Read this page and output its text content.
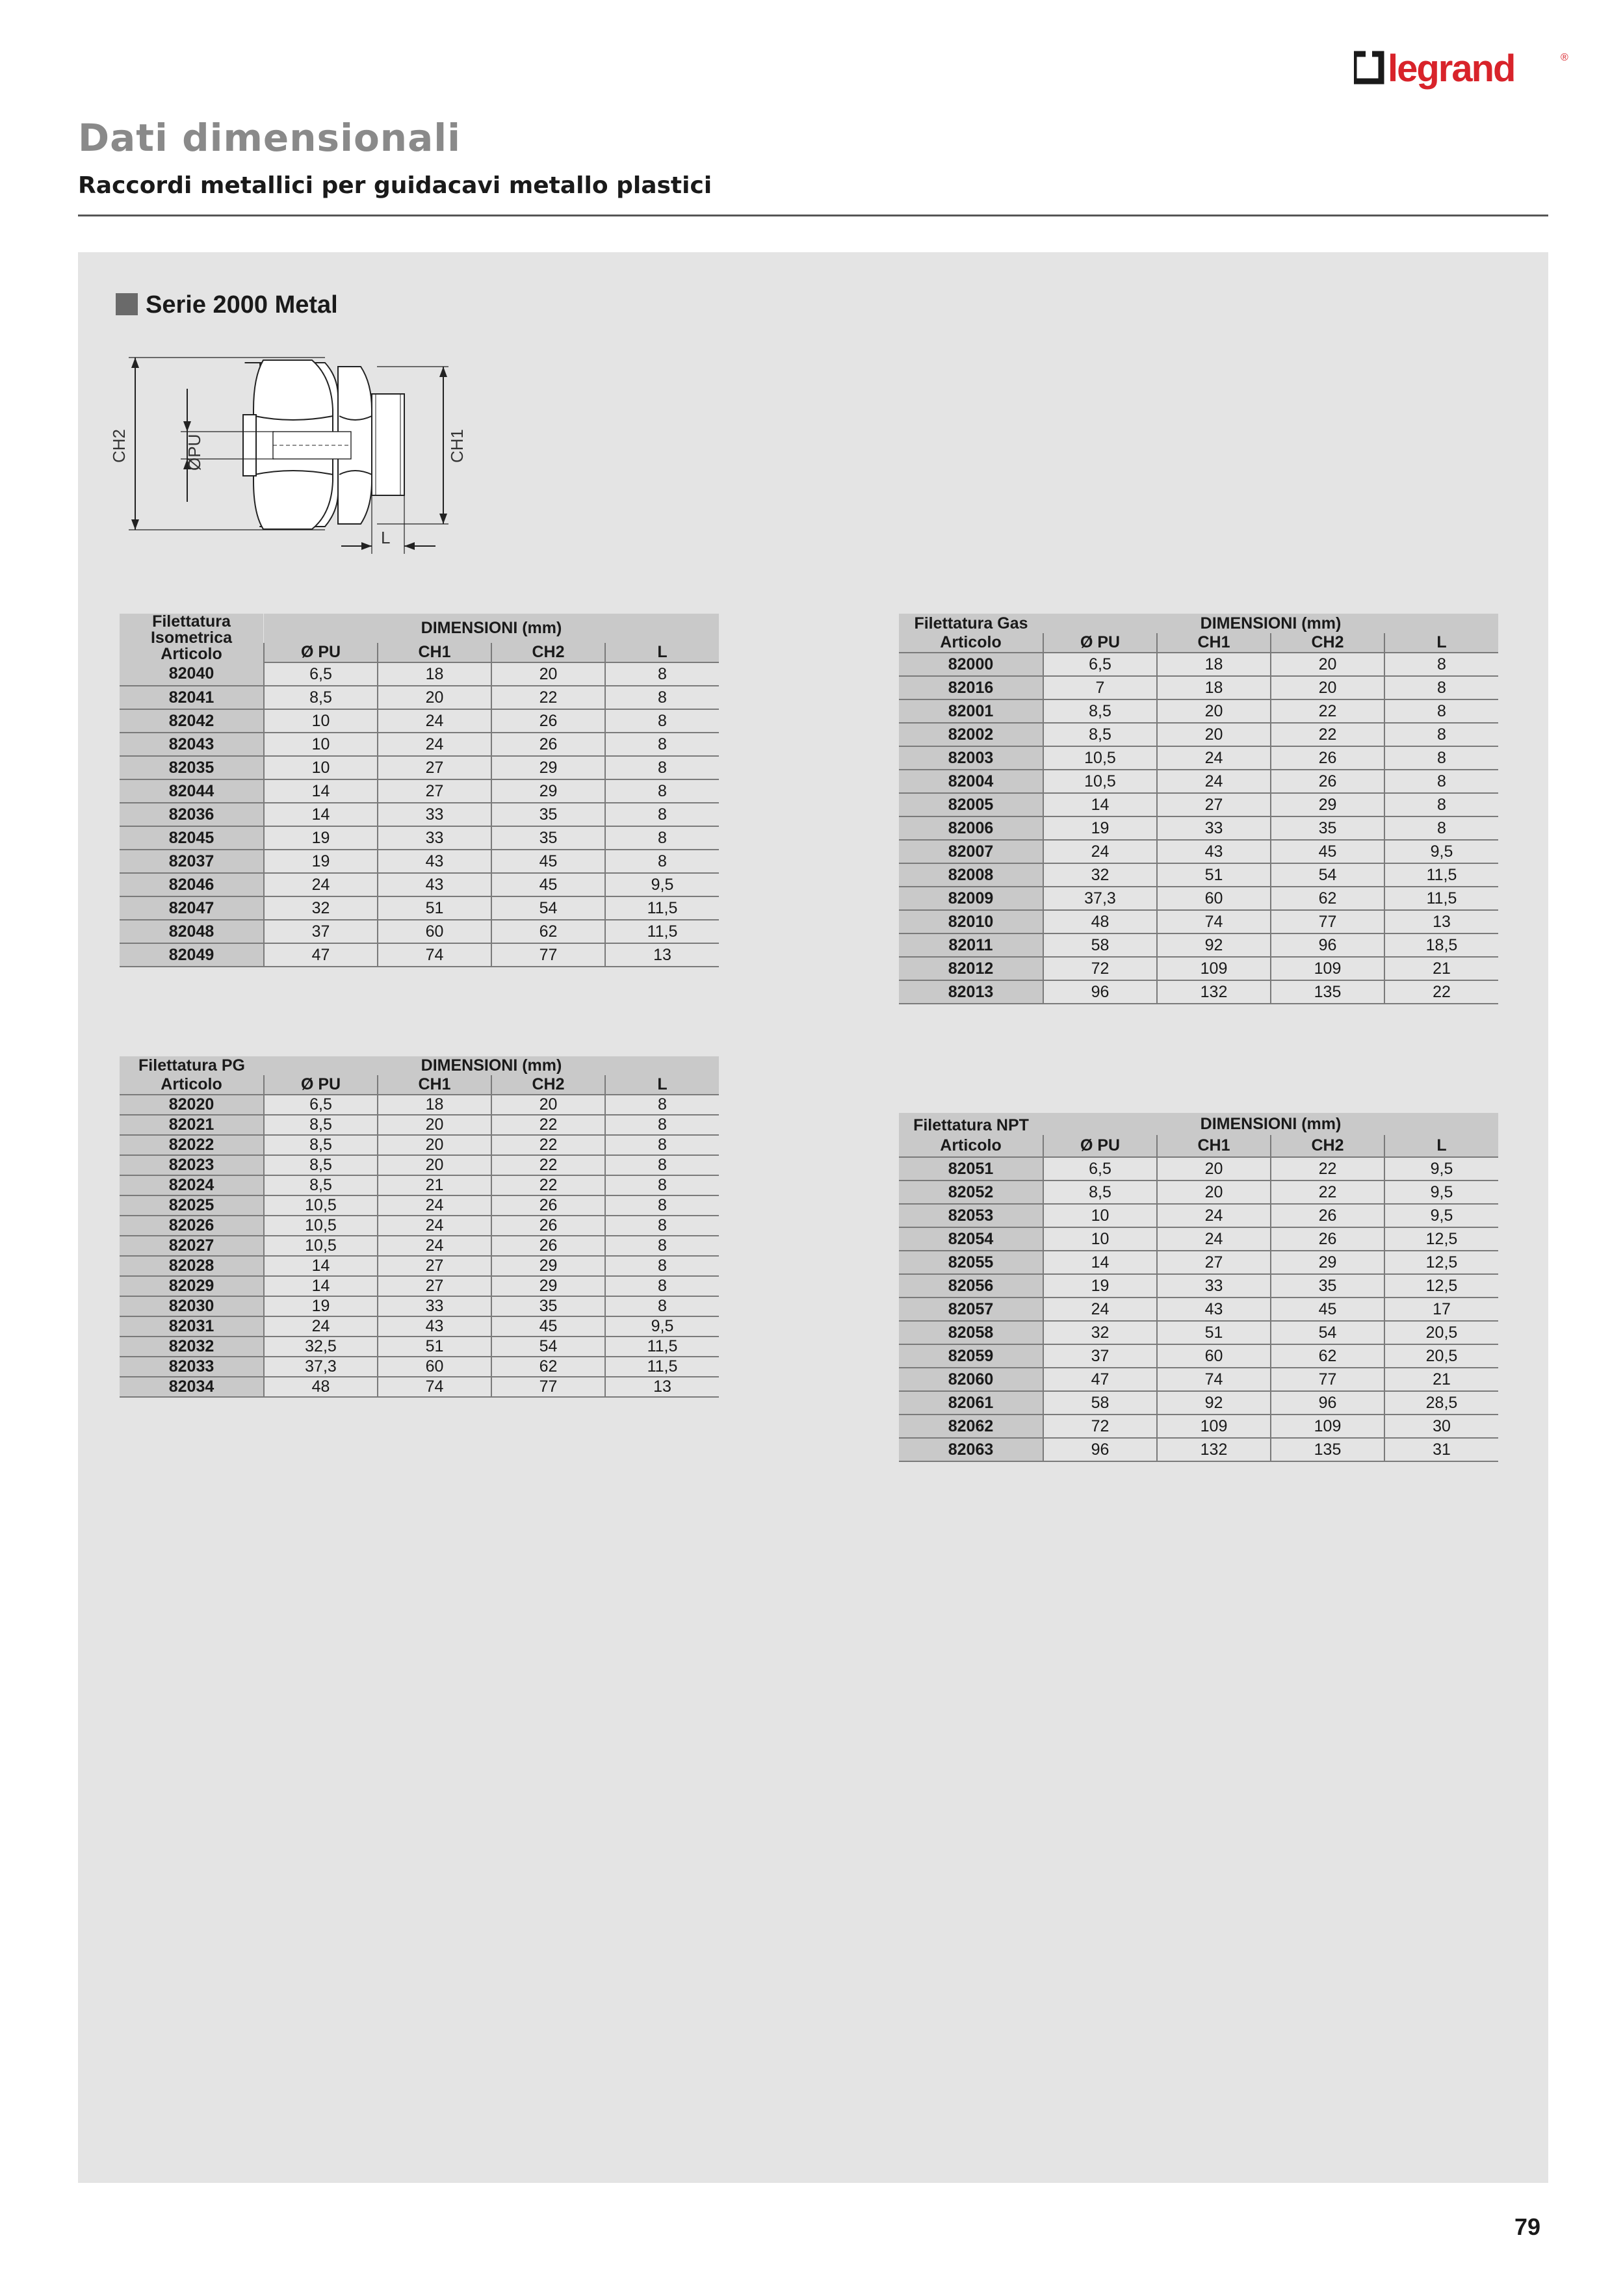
legrand	®
Dati dimensionali
Raccordi metallici per guidacavi metallo plastici
Serie 2000 Metal
CH2	ØPU	CH1
L
Filettatura Isometrica
Articolo	DIMENSIONI (mm)			
	Ø PU	CH1	CH2	L
82040	6,5	18	20	8
82041	8,5	20	22	8
82042	10	24	26	8
82043	10	24	26	8
82035	10	27	29	8
82044	14	27	29	8
82036	14	33	35	8
82045	19	33	35	8
82037	19	43	45	8
82046	24	43	45	9,5
82047	32	51	54	11,5
82048	37	60	62	11,5
82049	47	74	77	13
Filettatura Gas	DIMENSIONI (mm)			
Articolo	Ø PU	CH1	CH2	L
82000	6,5	18	20	8
82016	7	18	20	8
82001	8,5	20	22	8
82002	8,5	20	22	8
82003	10,5	24	26	8
82004	10,5	24	26	8
82005	14	27	29	8
82006	19	33	35	8
82007	24	43	45	9,5
82008	32	51	54	11,5
82009	37,3	60	62	11,5
82010	48	74	77	13
82011	58	92	96	18,5
82012	72	109	109	21
82013	96	132	135	22
Filettatura PG	DIMENSIONI (mm)			
Articolo	Ø PU	CH1	CH2	L
82020	6,5	18	20	8
82021	8,5	20	22	8
82022	8,5	20	22	8
82023	8,5	20	22	8
82024	8,5	21	22	8
82025	10,5	24	26	8
82026	10,5	24	26	8
82027	10,5	24	26	8
82028	14	27	29	8
82029	14	27	29	8
82030	19	33	35	8
82031	24	43	45	9,5
82032	32,5	51	54	11,5
82033	37,3	60	62	11,5
82034	48	74	77	13
Filettatura NPT	DIMENSIONI (mm)			
Articolo	Ø PU	CH1	CH2	L
82051	6,5	20	22	9,5
82052	8,5	20	22	9,5
82053	10	24	26	9,5
82054	10	24	26	12,5
82055	14	27	29	12,5
82056	19	33	35	12,5
82057	24	43	45	17
82058	32	51	54	20,5
82059	37	60	62	20,5
82060	47	74	77	21
82061	58	92	96	28,5
82062	72	109	109	30
82063	96	132	135	31
79
